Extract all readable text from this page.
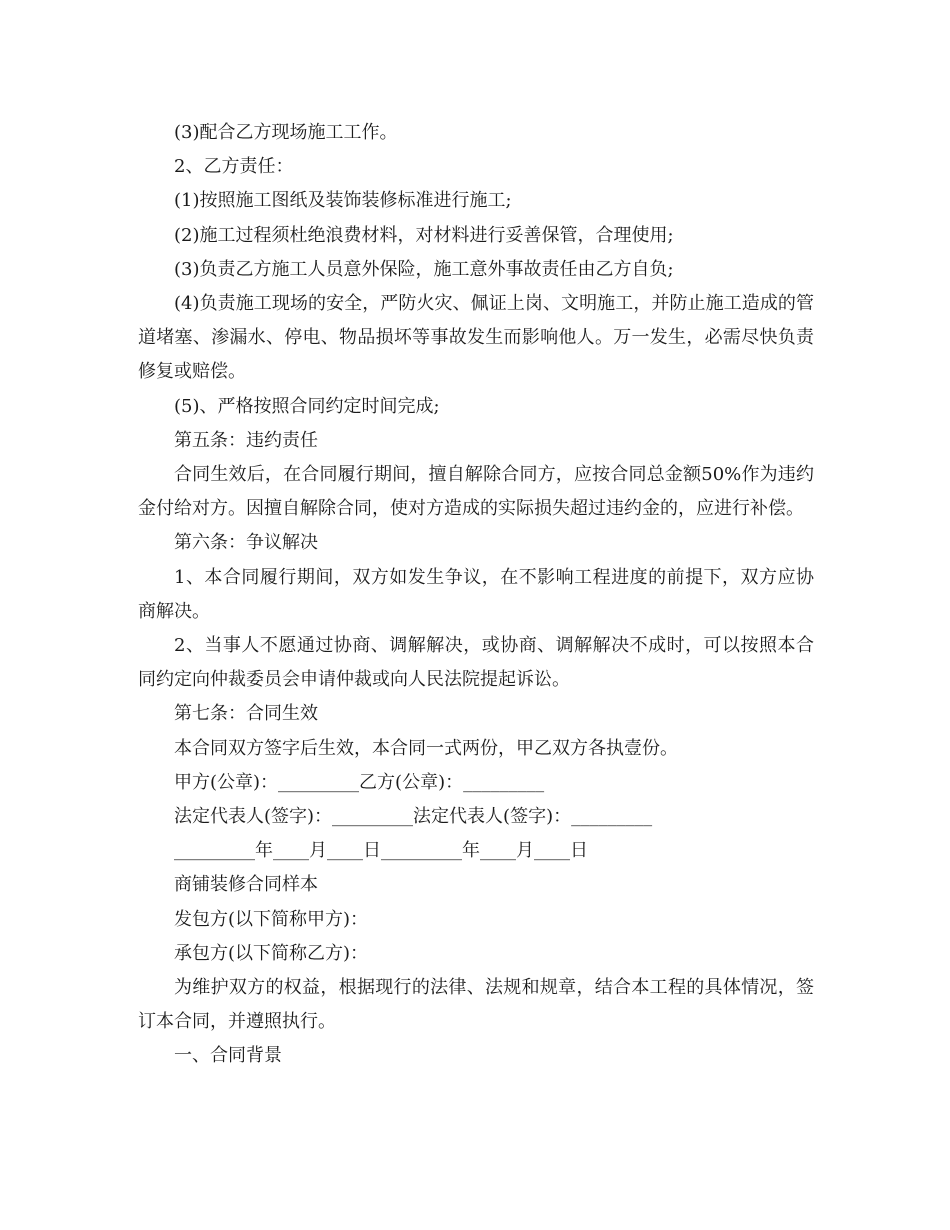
(3)配合乙方现场施工工作。

2、乙方责任：

(1)按照施工图纸及装饰装修标准进行施工;

(2)施工过程须杜绝浪费材料，对材料进行妥善保管，合理使用;

(3)负责乙方施工人员意外保险，施工意外事故责任由乙方自负;

(4)负责施工现场的安全，严防火灾、佩证上岗、文明施工，并防止施工造成的管道堵塞、渗漏水、停电、物品损坏等事故发生而影响他人。万一发生，必需尽快负责修复或赔偿。

(5)、严格按照合同约定时间完成;

第五条：违约责任

合同生效后，在合同履行期间，擅自解除合同方，应按合同总金额50%作为违约金付给对方。因擅自解除合同，使对方造成的实际损失超过违约金的，应进行补偿。

第六条：争议解决

1、本合同履行期间，双方如发生争议，在不影响工程进度的前提下，双方应协商解决。

2、当事人不愿通过协商、调解解决，或协商、调解解决不成时，可以按照本合同约定向仲裁委员会申请仲裁或向人民法院提起诉讼。

第七条：合同生效

本合同双方签字后生效，本合同一式两份，甲乙双方各执壹份。

甲方(公章)：_________乙方(公章)：_________

法定代表人(签字)：_________法定代表人(签字)：_________

_________年____月____日_________年____月____日

商铺装修合同样本

发包方(以下简称甲方)：

承包方(以下简称乙方)：

为维护双方的权益，根据现行的法律、法规和规章，结合本工程的具体情况，签订本合同，并遵照执行。

一、合同背景
